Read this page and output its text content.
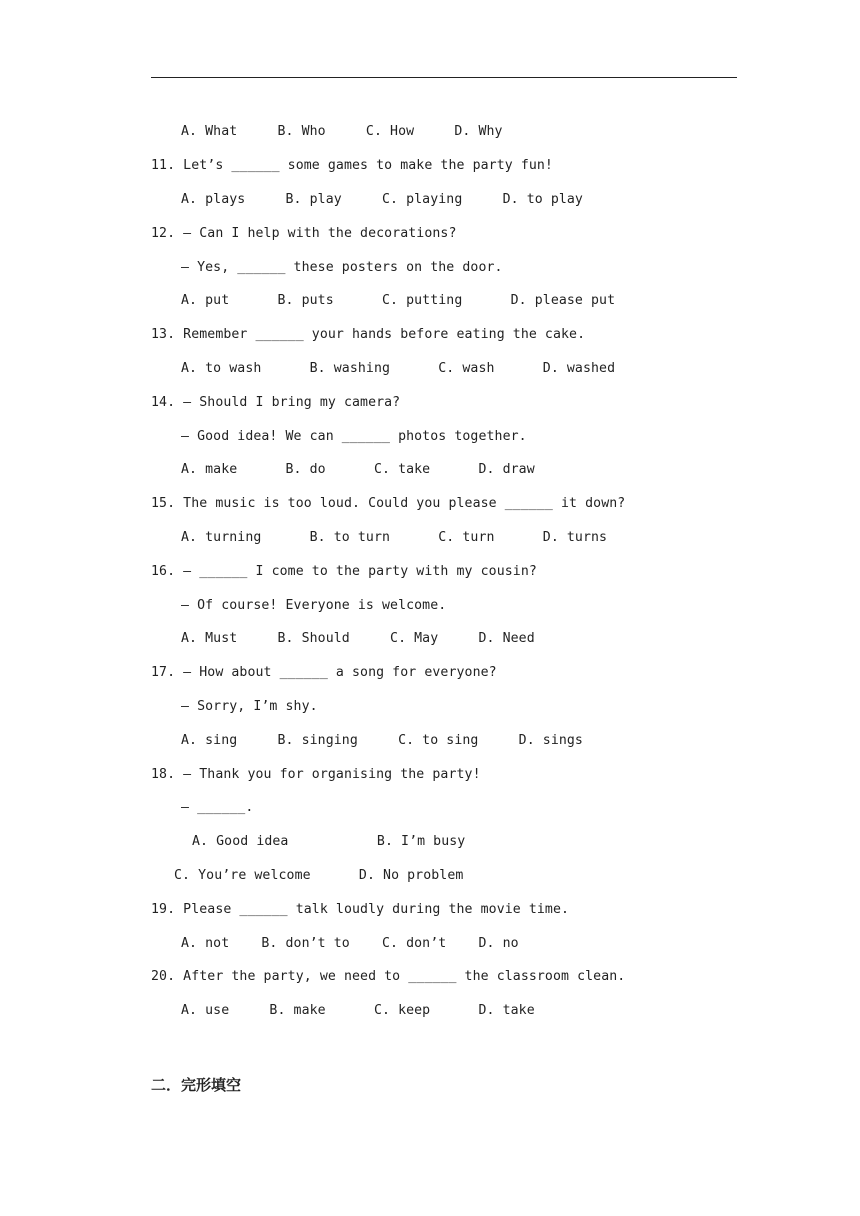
A. What     B. Who     C. How     D. Why
11. Let’s ______ some games to make the party fun!
A. plays     B. play     C. playing     D. to play
12. — Can I help with the decorations?
— Yes, ______ these posters on the door.
A. put      B. puts      C. putting      D. please put
13. Remember ______ your hands before eating the cake.
A. to wash      B. washing      C. wash      D. washed
14. — Should I bring my camera?
— Good idea! We can ______ photos together.
A. make      B. do      C. take      D. draw
15. The music is too loud. Could you please ______ it down?
A. turning      B. to turn      C. turn      D. turns
16. — ______ I come to the party with my cousin?
— Of course! Everyone is welcome.
A. Must     B. Should     C. May     D. Need
17. — How about ______ a song for everyone?
— Sorry, I’m shy.
A. sing     B. singing     C. to sing     D. sings
18. — Thank you for organising the party!
— ______.
A. Good idea           B. I’m busy
C. You’re welcome      D. No problem
19. Please ______ talk loudly during the movie time.
A. not    B. don’t to    C. don’t    D. no
20. After the party, we need to ______ the classroom clean.
A. use     B. make      C. keep      D. take
二．完形填空
